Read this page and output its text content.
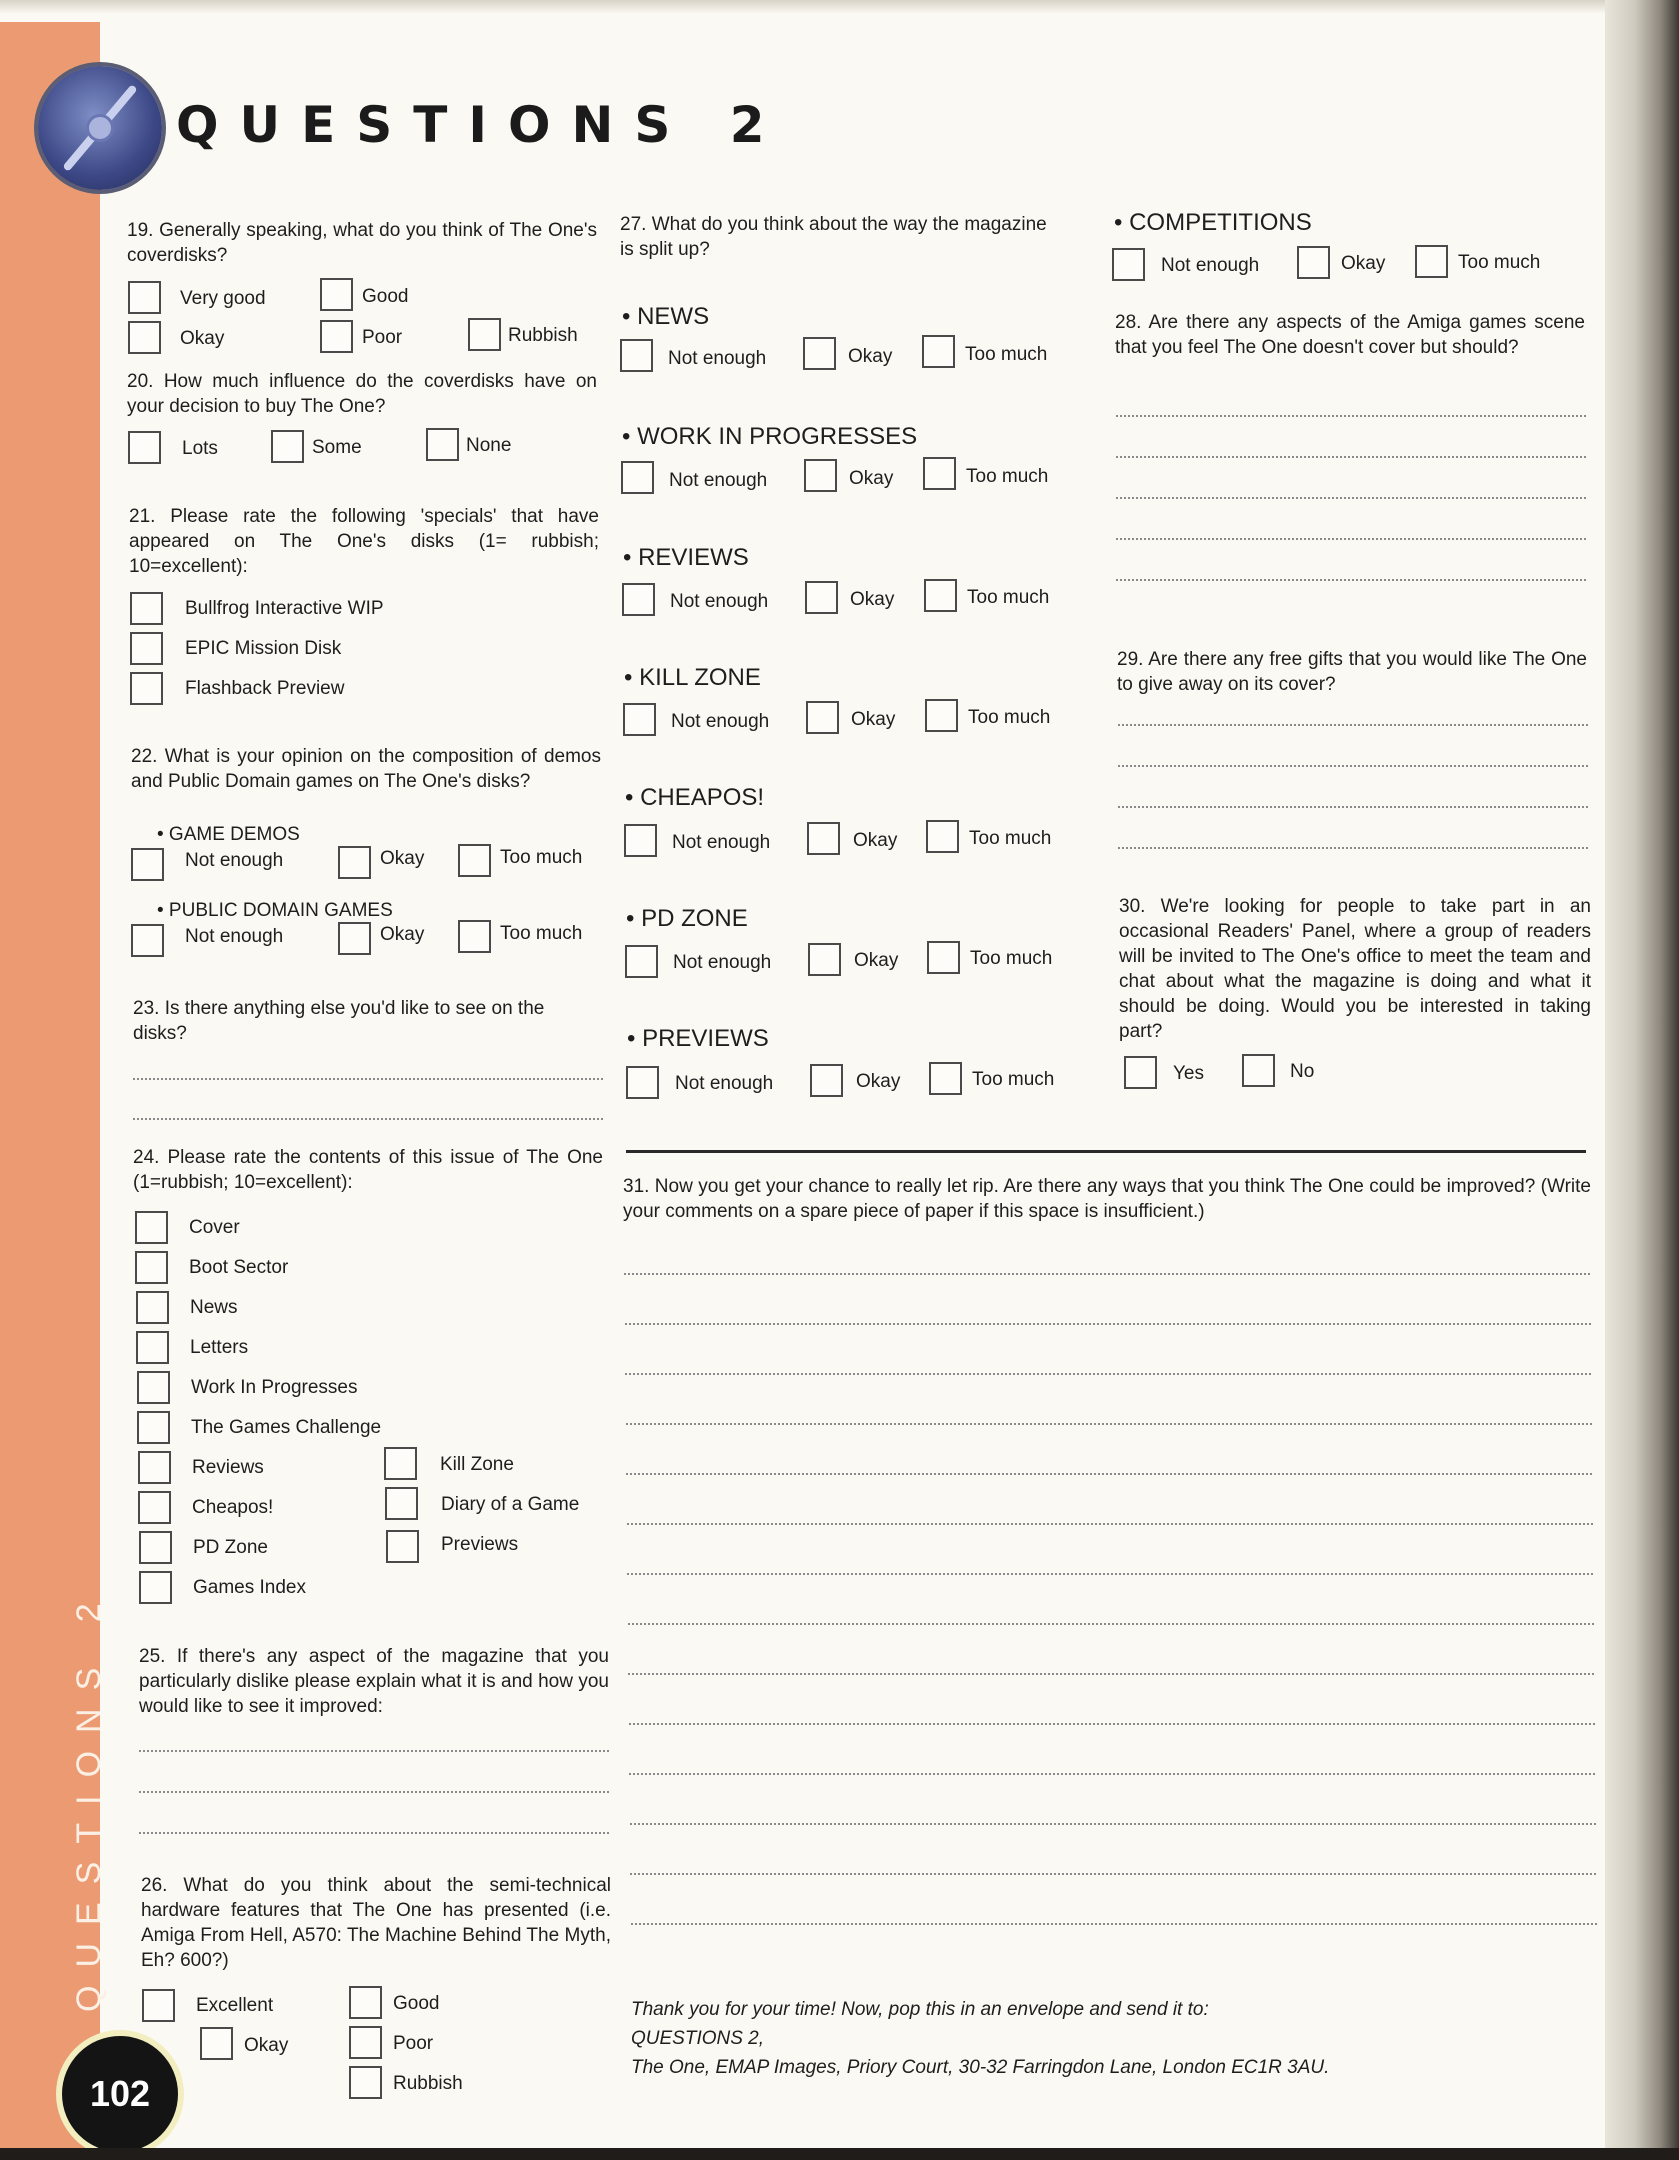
QUESTIONS 2
QUESTIONS 2
19. Generally speaking, what do you think of The One's coverdisks?
Very good	Good
Okay	Poor	Rubbish
20. How much influence do the coverdisks have on your decision to buy The One?
Lots	Some	None
21. Please rate the following 'specials' that have appeared on The One's disks (1= rubbish; 10=excellent):
Bullfrog Interactive WIP
EPIC Mission Disk
Flashback Preview
22. What is your opinion on the composition of demos and Public Domain games on The One's disks?
• GAME DEMOS
Not enough	Okay	Too much
• PUBLIC DOMAIN GAMES
Not enough	Okay	Too much
23. Is there anything else you'd like to see on the disks?
24. Please rate the contents of this issue of The One (1=rubbish; 10=excellent):
Cover
Boot Sector
News
Letters
Work In Progresses
The Games Challenge
Reviews
Cheapos!
PD Zone
Games Index
Kill Zone
Diary of a Game
Previews
25. If there's any aspect of the magazine that you particularly dislike please explain what it is and how you would like to see it improved:
26. What do you think about the semi-technical hardware features that The One has presented (i.e. Amiga From Hell, A570: The Machine Behind The Myth, Eh? 600?)
Excellent	Good
Okay	Poor
Rubbish
27. What do you think about the way the magazine is split up?
• NEWS
Not enough	Okay	Too much
• WORK IN PROGRESSES
Not enough	Okay	Too much
• REVIEWS
Not enough	Okay	Too much
• KILL ZONE
Not enough	Okay	Too much
• CHEAPOS!
Not enough	Okay	Too much
• PD ZONE
Not enough	Okay	Too much
• PREVIEWS
Not enough	Okay	Too much
• COMPETITIONS
Not enough	Okay	Too much
28. Are there any aspects of the Amiga games scene that you feel The One doesn't cover but should?
29. Are there any free gifts that you would like The One to give away on its cover?
30. We're looking for people to take part in an occasional Readers' Panel, where a group of readers will be invited to The One's office to meet the team and chat about what the magazine is doing and what it should be doing. Would you be interested in taking part?
Yes	No
31. Now you get your chance to really let rip. Are there any ways that you think The One could be improved? (Write your comments on a spare piece of paper if this space is insufficient.)
Thank you for your time! Now, pop this in an envelope and send it to:
QUESTIONS 2,
The One, EMAP Images, Priory Court, 30-32 Farringdon Lane, London EC1R 3AU.
102
